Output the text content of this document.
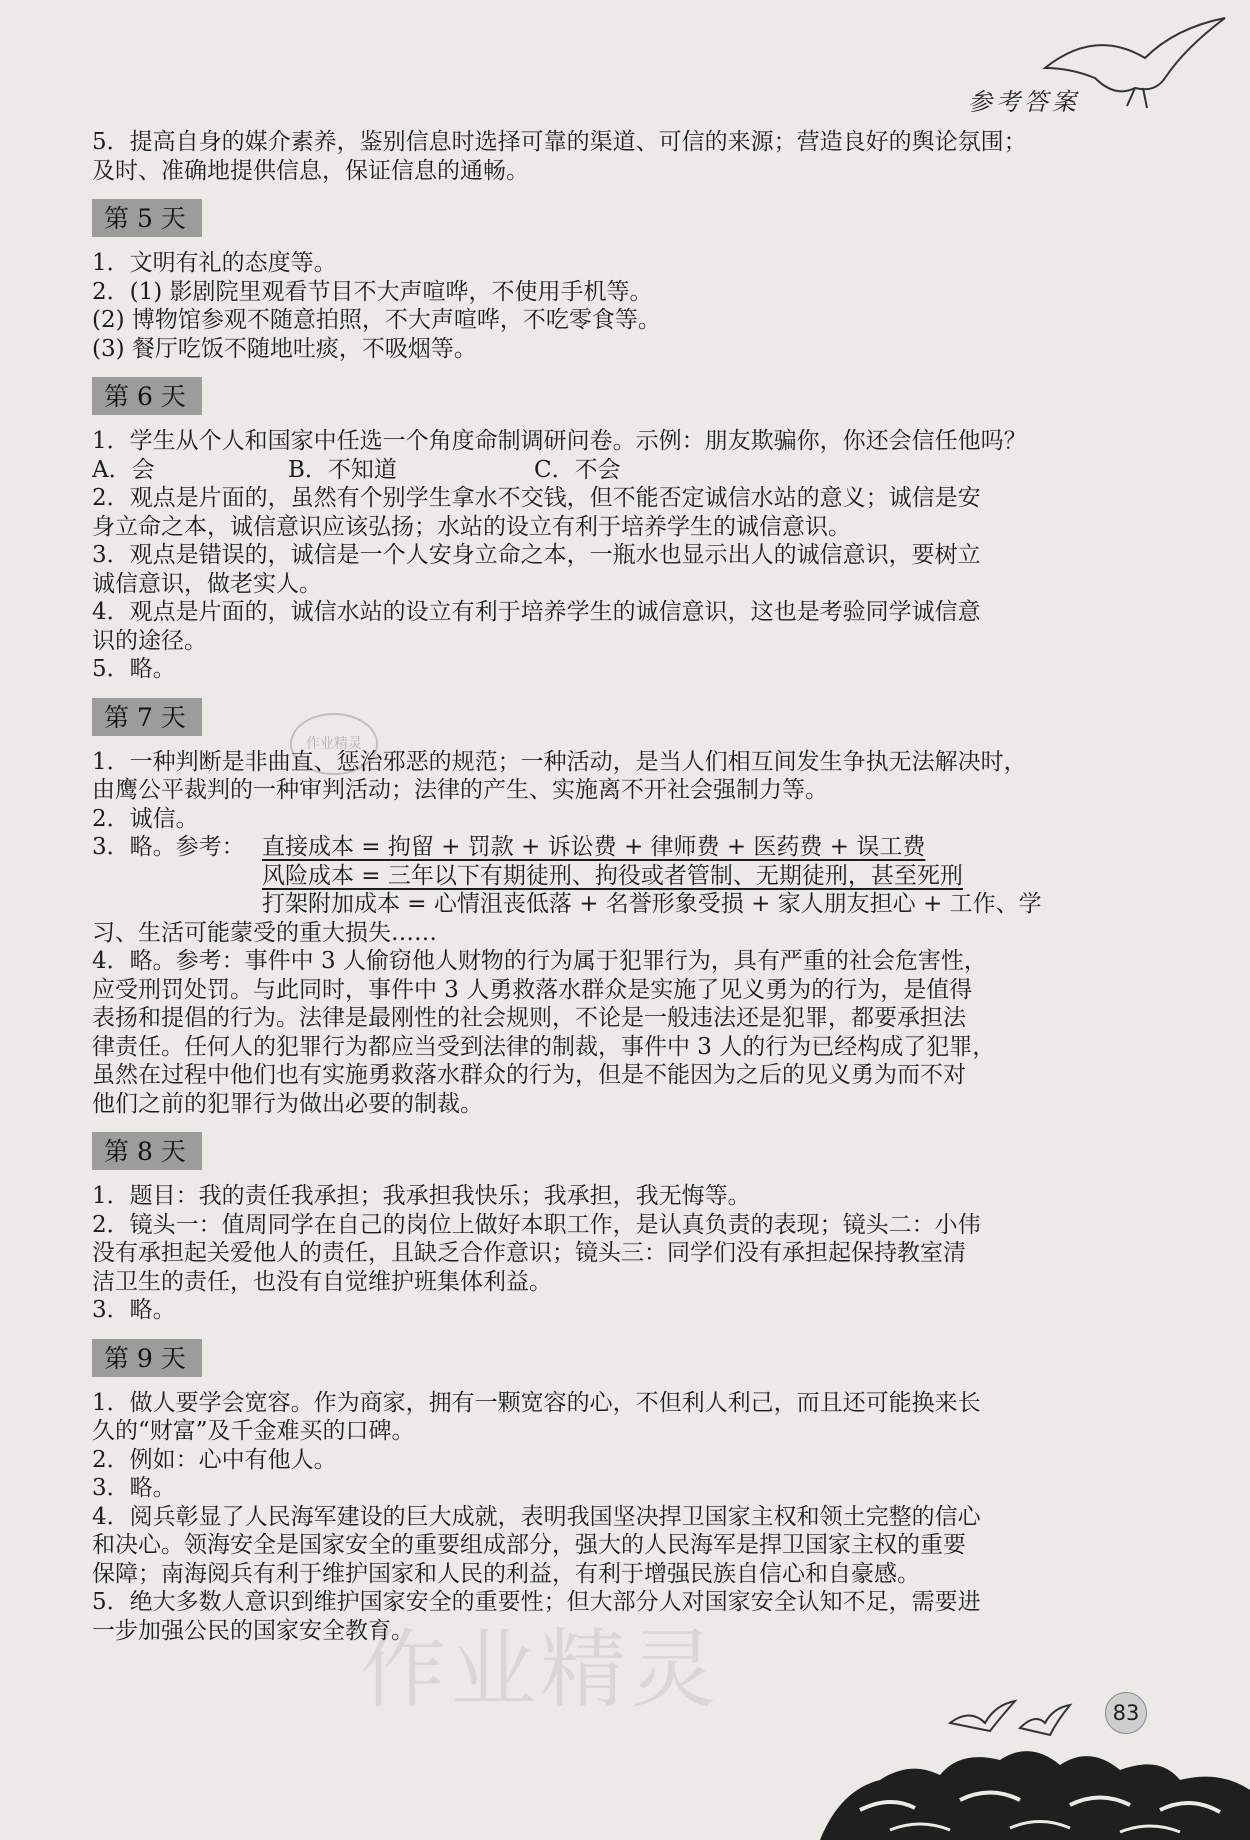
参考答案
5．提高自身的媒介素养，鉴别信息时选择可靠的渠道、可信的来源；营造良好的舆论氛围；
及时、准确地提供信息，保证信息的通畅。
第 5 天
1．文明有礼的态度等。
2．(1) 影剧院里观看节目不大声喧哗，不使用手机等。
(2) 博物馆参观不随意拍照，不大声喧哗，不吃零食等。
(3) 餐厅吃饭不随地吐痰，不吸烟等。
第 6 天
1．学生从个人和国家中任选一个角度命制调研问卷。示例：朋友欺骗你，你还会信任他吗？
A．会	B．不知道	C．不会
2．观点是片面的，虽然有个别学生拿水不交钱，但不能否定诚信水站的意义；诚信是安
身立命之本，诚信意识应该弘扬；水站的设立有利于培养学生的诚信意识。
3．观点是错误的，诚信是一个人安身立命之本，一瓶水也显示出人的诚信意识，要树立
诚信意识，做老实人。
4．观点是片面的，诚信水站的设立有利于培养学生的诚信意识，这也是考验同学诚信意
识的途径。
5．略。
第 7 天
1．一种判断是非曲直、惩治邪恶的规范；一种活动，是当人们相互间发生争执无法解决时，
由鹰公平裁判的一种审判活动；法律的产生、实施离不开社会强制力等。
2．诚信。
3．略。参考： 直接成本 = 拘留 + 罚款 + 诉讼费 + 律师费 + 医药费 + 误工费
风险成本 = 三年以下有期徒刑、拘役或者管制、无期徒刑，甚至死刑
打架附加成本 = 心情沮丧低落 + 名誉形象受损 + 家人朋友担心 + 工作、学
习、生活可能蒙受的重大损失……
4．略。参考：事件中 3 人偷窃他人财物的行为属于犯罪行为，具有严重的社会危害性，
应受刑罚处罚。与此同时，事件中 3 人勇救落水群众是实施了见义勇为的行为，是值得
表扬和提倡的行为。法律是最刚性的社会规则，不论是一般违法还是犯罪，都要承担法
律责任。任何人的犯罪行为都应当受到法律的制裁，事件中 3 人的行为已经构成了犯罪，
虽然在过程中他们也有实施勇救落水群众的行为，但是不能因为之后的见义勇为而不对
他们之前的犯罪行为做出必要的制裁。
第 8 天
1．题目：我的责任我承担；我承担我快乐；我承担，我无悔等。
2．镜头一：值周同学在自己的岗位上做好本职工作，是认真负责的表现；镜头二：小伟
没有承担起关爱他人的责任，且缺乏合作意识；镜头三：同学们没有承担起保持教室清
洁卫生的责任，也没有自觉维护班集体利益。
3．略。
第 9 天
1．做人要学会宽容。作为商家，拥有一颗宽容的心，不但利人利己，而且还可能换来长
久的“财富”及千金难买的口碑。
2．例如：心中有他人。
3．略。
4．阅兵彰显了人民海军建设的巨大成就，表明我国坚决捍卫国家主权和领土完整的信心
和决心。领海安全是国家安全的重要组成部分，强大的人民海军是捍卫国家主权的重要
保障；南海阅兵有利于维护国家和人民的利益，有利于增强民族自信心和自豪感。
5．绝大多数人意识到维护国家安全的重要性；但大部分人对国家安全认知不足，需要进
一步加强公民的国家安全教育。
作业精灵
作业精灵	83
